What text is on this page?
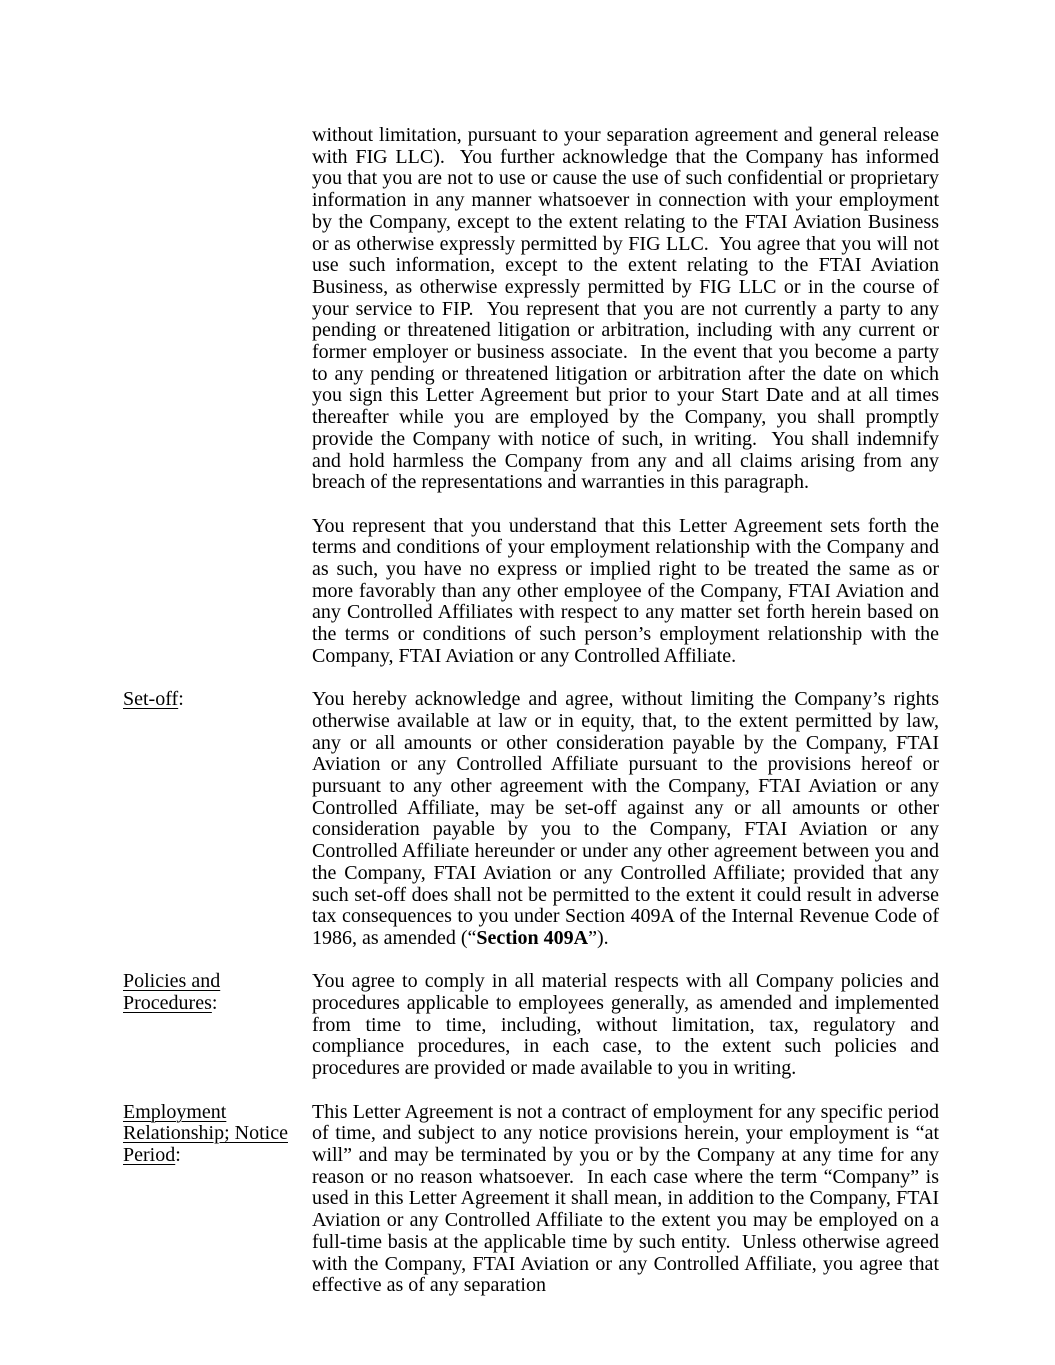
without limitation, pursuant to your separation agreement and general release with FIG LLC).  You further acknowledge that the Company has informed you that you are not to use or cause the use of such confidential or proprietary information in any manner whatsoever in connection with your employment by the Company, except to the extent relating to the FTAI Aviation Business or as otherwise expressly permitted by FIG LLC.  You agree that you will not use such information, except to the extent relating to the FTAI Aviation Business, as otherwise expressly permitted by FIG LLC or in the course of your service to FIP.  You represent that you are not currently a party to any pending or threatened litigation or arbitration, including with any current or former employer or business associate.  In the event that you become a party to any pending or threatened litigation or arbitration after the date on which you sign this Letter Agreement but prior to your Start Date and at all times thereafter while you are employed by the Company, you shall promptly provide the Company with notice of such, in writing.  You shall indemnify and hold harmless the Company from any and all claims arising from any breach of the representations and warranties in this paragraph.

You represent that you understand that this Letter Agreement sets forth the terms and conditions of your employment relationship with the Company and as such, you have no express or implied right to be treated the same as or more favorably than any other employee of the Company, FTAI Aviation and any Controlled Affiliates with respect to any matter set forth herein based on the terms or conditions of such person’s employment relationship with the Company, FTAI Aviation or any Controlled Affiliate.

Set-off:	You hereby acknowledge and agree, without limiting the Company’s rights otherwise available at law or in equity, that, to the extent permitted by law, any or all amounts or other consideration payable by the Company, FTAI Aviation or any Controlled Affiliate pursuant to the provisions hereof or pursuant to any other agreement with the Company, FTAI Aviation or any Controlled Affiliate, may be set-off against any or all amounts or other consideration payable by you to the Company, FTAI Aviation or any Controlled Affiliate hereunder or under any other agreement between you and the Company, FTAI Aviation or any Controlled Affiliate; provided that any such set-off does shall not be permitted to the extent it could result in adverse tax consequences to you under Section 409A of the Internal Revenue Code of 1986, as amended (“Section 409A”).

Policies and
Procedures:

You agree to comply in all material respects with all Company policies and procedures applicable to employees generally, as amended and implemented from time to time, including, without limitation, tax, regulatory and compliance procedures, in each case, to the extent such policies and procedures are provided or made available to you in writing.

Employment
Relationship; Notice
Period:

This Letter Agreement is not a contract of employment for any specific period of time, and subject to any notice provisions herein, your employment is “at will” and may be terminated by you or by the Company at any time for any reason or no reason whatsoever.  In each case where the term “Company” is used in this Letter Agreement it shall mean, in addition to the Company, FTAI Aviation or any Controlled Affiliate to the extent you may be employed on a full-time basis at the applicable time by such entity.  Unless otherwise agreed with the Company, FTAI Aviation or any Controlled Affiliate, you agree that effective as of any separation
